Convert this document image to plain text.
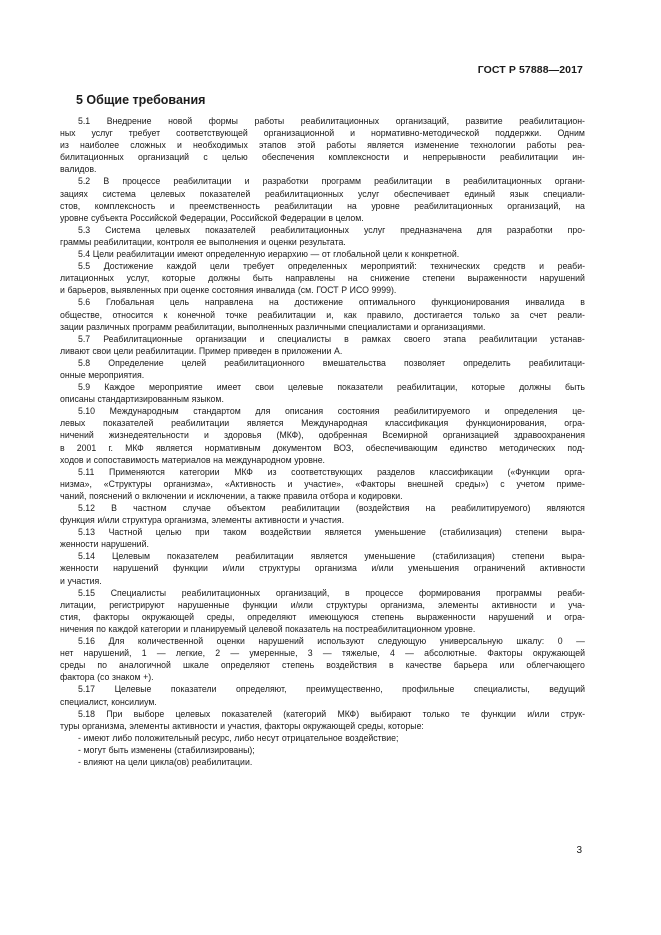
ГОСТ Р 57888—2017
5 Общие требования
5.1 Внедрение новой формы работы реабилитационных организаций, развитие реабилитацион-
ных услуг требует соответствующей организационной и нормативно-методической поддержки. Одним
из наиболее сложных и необходимых этапов этой работы является изменение технологии работы реа-
билитационных организаций с целью обеспечения комплексности и непрерывности реабилитации ин-
валидов.
5.2 В процессе реабилитации и разработки программ реабилитации в реабилитационных органи-
зациях система целевых показателей реабилитационных услуг обеспечивает единый язык специали-
стов, комплексность и преемственность реабилитации на уровне реабилитационных организаций, на
уровне субъекта Российской Федерации, Российской Федерации в целом.
5.3 Система целевых показателей реабилитационных услуг предназначена для разработки про-
граммы реабилитации, контроля ее выполнения и оценки результата.
5.4 Цели реабилитации имеют определенную иерархию — от глобальной цели к конкретной.
5.5 Достижение каждой цели требует определенных мероприятий: технических средств и реаби-
литационных услуг, которые должны быть направлены на снижение степени выраженности нарушений
и барьеров, выявленных при оценке состояния инвалида (см. ГОСТ Р ИСО 9999).
5.6 Глобальная цель направлена на достижение оптимального функционирования инвалида в
обществе, относится к конечной точке реабилитации и, как правило, достигается только за счет реали-
зации различных программ реабилитации, выполненных различными специалистами и организациями.
5.7 Реабилитационные организации и специалисты в рамках своего этапа реабилитации устанав-
ливают свои цели реабилитации. Пример приведен в приложении А.
5.8 Определение целей реабилитационного вмешательства позволяет определить реабилитаци-
онные мероприятия.
5.9 Каждое мероприятие имеет свои целевые показатели реабилитации, которые должны быть
описаны стандартизированным языком.
5.10 Международным стандартом для описания состояния реабилитируемого и определения це-
левых показателей реабилитации является Международная классификация функционирования, огра-
ничений жизнедеятельности и здоровья (МКФ), одобренная Всемирной организацией здравоохранения
в 2001 г. МКФ является нормативным документом ВОЗ, обеспечивающим единство методических под-
ходов и сопоставимость материалов на международном уровне.
5.11 Применяются категории МКФ из соответствующих разделов классификации («Функции орга-
низма», «Структуры организма», «Активность и участие», «Факторы внешней среды») с учетом приме-
чаний, пояснений о включении и исключении, а также правила отбора и кодировки.
5.12 В частном случае объектом реабилитации (воздействия на реабилитируемого) являются
функция и/или структура организма, элементы активности и участия.
5.13 Частной целью при таком воздействии является уменьшение (стабилизация) степени выра-
женности нарушений.
5.14 Целевым показателем реабилитации является уменьшение (стабилизация) степени выра-
женности нарушений функции и/или структуры организма и/или уменьшения ограничений активности
и участия.
5.15 Специалисты реабилитационных организаций, в процессе формирования программы реаби-
литации, регистрируют нарушенные функции и/или структуры организма, элементы активности и уча-
стия, факторы окружающей среды, определяют имеющуюся степень выраженности нарушений и огра-
ничения по каждой категории и планируемый целевой показатель на постреабилитационном уровне.
5.16 Для количественной оценки нарушений используют следующую универсальную шкалу: 0 —
нет нарушений, 1 — легкие, 2 — умеренные, 3 — тяжелые, 4 — абсолютные. Факторы окружающей
среды по аналогичной шкале определяют степень воздействия в качестве барьера или облегчающего
фактора (со знаком +).
5.17 Целевые показатели определяют, преимущественно, профильные специалисты, ведущий
специалист, консилиум.
5.18 При выборе целевых показателей (категорий МКФ) выбирают только те функции и/или струк-
туры организма, элементы активности и участия, факторы окружающей среды, которые:
- имеют либо положительный ресурс, либо несут отрицательное воздействие;
- могут быть изменены (стабилизированы);
- влияют на цели цикла(ов) реабилитации.
3
